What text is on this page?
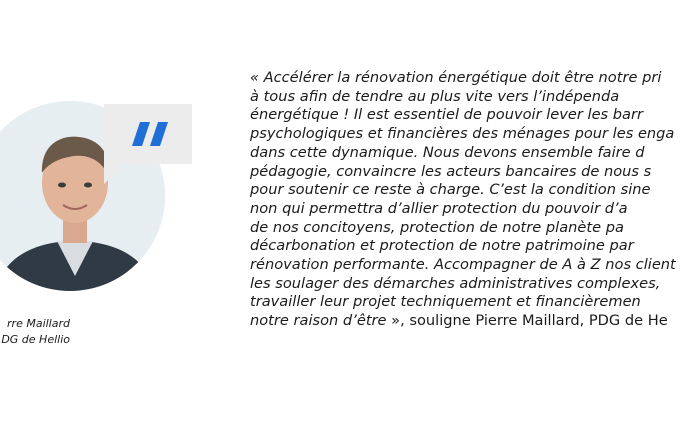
rre Maillard
DG de Hellio
« Accélérer la rénovation énergétique doit être notre pri
à tous afin de tendre au plus vite vers l’indépenda
énergétique ! Il est essentiel de pouvoir lever les barr
psychologiques et financières des ménages pour les enga
dans cette dynamique. Nous devons ensemble faire d
pédagogie, convaincre les acteurs bancaires de nous s
pour soutenir ce reste à charge. C’est la condition sine
non qui permettra d’allier protection du pouvoir d’a
de nos concitoyens, protection de notre planète pa
décarbonation et protection de notre patrimoine par
rénovation performante. Accompagner de A à Z nos client
les soulager des démarches administratives complexes,
travailler leur projet techniquement et financièremen
notre raison d’être », souligne Pierre Maillard, PDG de He
